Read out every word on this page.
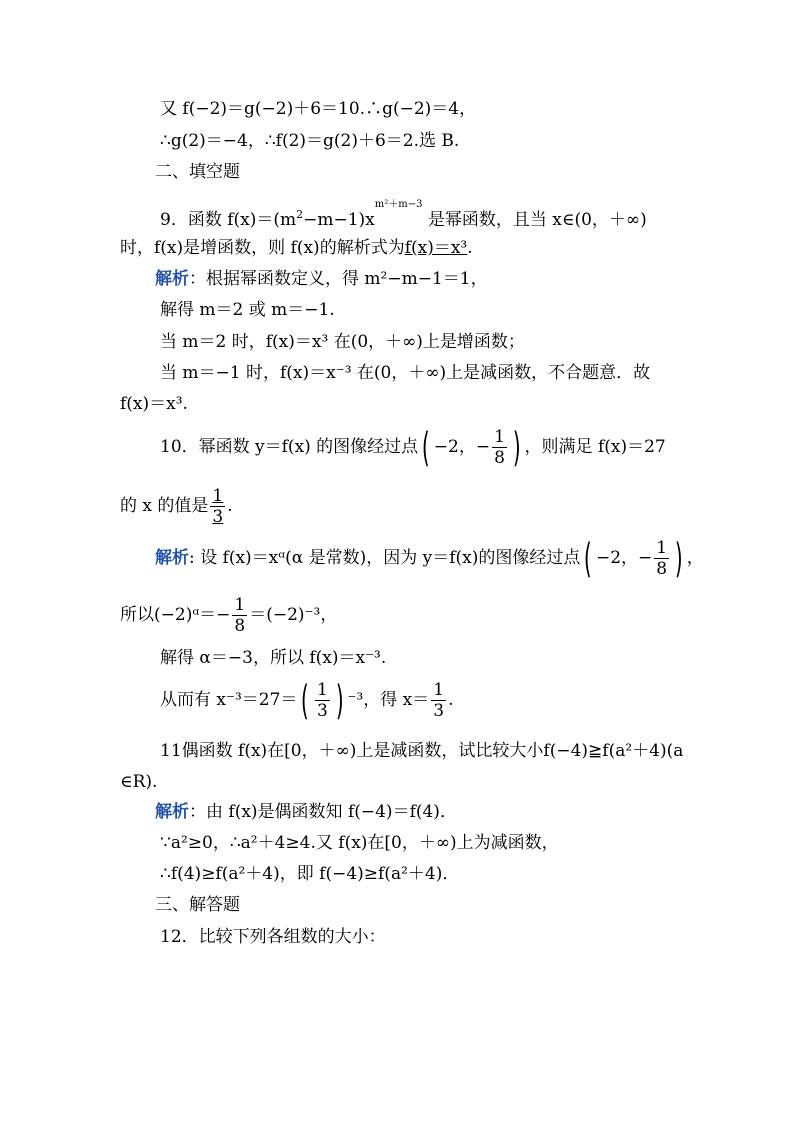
又 f(−2)＝g(−2)＋6＝10.∴g(−2)＝4，
∴g(2)＝−4，∴f(2)＝g(2)＋6＝2.选 B.
二、填空题
9．函数 $f(x)=(m^2-m-1)x^{m^2+m-3}$ 是幂函数，且当 x∈(0，＋∞)
时，f(x)是增函数，则 f(x)的解析式为f(x)＝x³.
解析：根据幂函数定义，得 m²−m−1＝1，
解得 m＝2 或 m＝−1.
当 m＝2 时，f(x)＝x³ 在(0，＋∞)上是增函数；
当 m＝−1 时，f(x)＝x⁻³ 在(0，＋∞)上是减函数，不合题意．故
f(x)＝x³.
10．幂函数 y＝f(x) 的图像经过点( −2，− $\frac{1}{8}$ ) ，则满足 f(x)＝27
的 x 的值是 $\frac{1}{3}$ .
解析: 设 f(x)＝xᵅ(α 是常数)，因为 y＝f(x)的图像经过点( −2，− $\frac{1}{8}$ ) ，
所以(−2)ᵅ＝− $\frac{1}{8} =(-2)^{-3}$，
解得 α＝−3，所以 f(x)＝x⁻³.
从而有 $x^{-3}=27=( \frac{1}{3}$ ) ⁻³，得 $x= \frac{1}{3}$ .
11偶函数 f(x)在[0，＋∞)上是减函数，试比较大小f(−4)≧f(a²＋4)(a
∈R).
解析：由 f(x)是偶函数知 f(−4)＝f(4)．
∵a²≥0，∴a²＋4≥4.又 f(x)在[0，＋∞)上为减函数，
∴f(4)≥f(a²＋4)，即 f(−4)≥f(a²＋4)．
三、解答题
12．比较下列各组数的大小：
